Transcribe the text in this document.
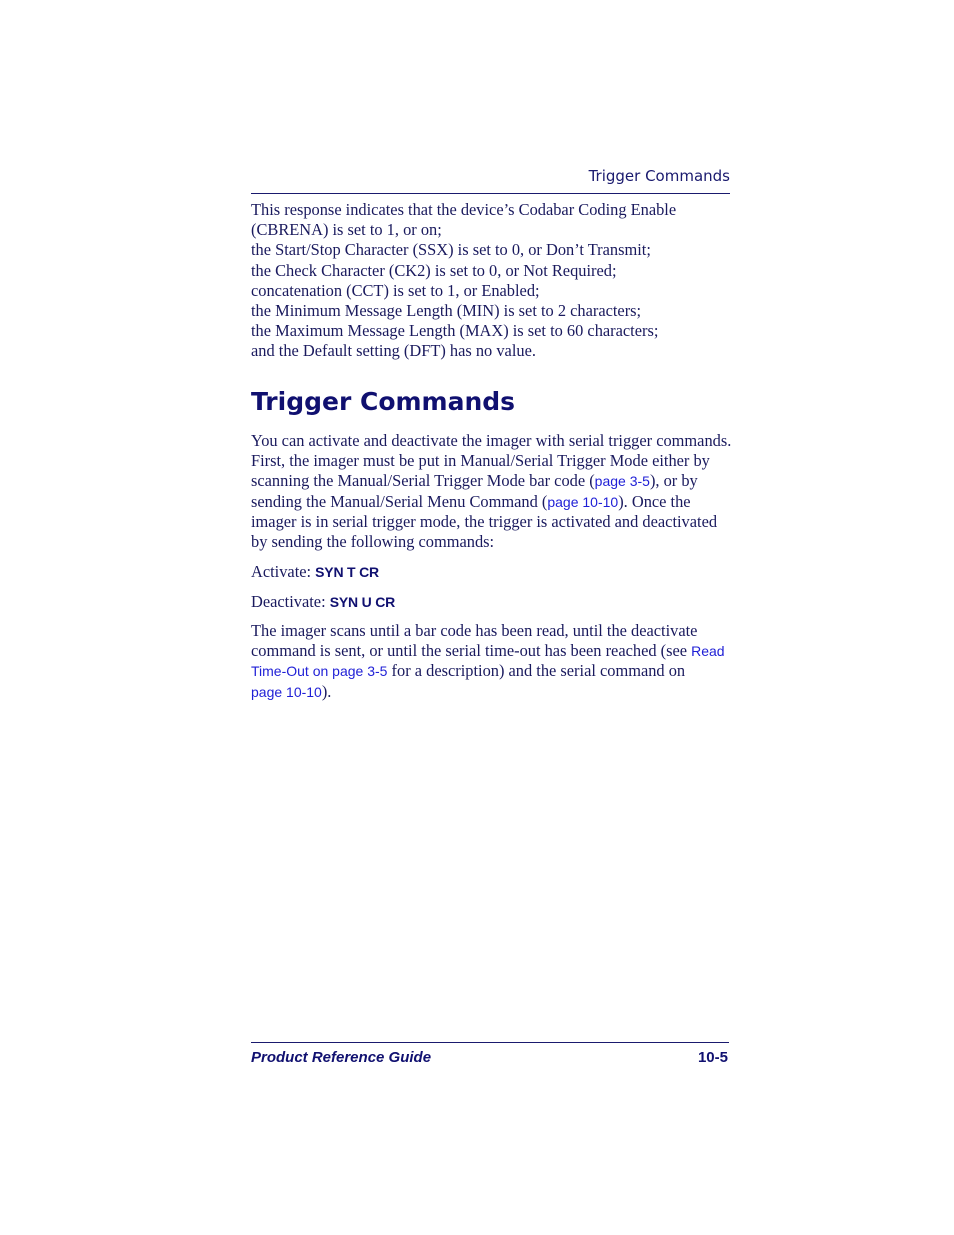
Trigger Commands
This response indicates that the device’s Codabar Coding Enable
(CBRENA) is set to 1, or on;
the Start/Stop Character (SSX) is set to 0, or Don’t Transmit;
the Check Character (CK2) is set to 0, or Not Required;
concatenation (CCT) is set to 1, or Enabled;
the Minimum Message Length (MIN) is set to 2 characters;
the Maximum Message Length (MAX) is set to 60 characters;
and the Default setting (DFT) has no value.
Trigger Commands
You can activate and deactivate the imager with serial trigger commands.
First, the imager must be put in Manual/Serial Trigger Mode either by
scanning the Manual/Serial Trigger Mode bar code (page 3-5), or by
sending the Manual/Serial Menu Command (page 10-10). Once the
imager is in serial trigger mode, the trigger is activated and deactivated
by sending the following commands:
Activate: SYN T CR
Deactivate: SYN U CR
The imager scans until a bar code has been read, until the deactivate
command is sent, or until the serial time-out has been reached (see Read
Time-Out on page 3-5 for a description) and the serial command on
page 10-10).
Product Reference Guide	10-5
